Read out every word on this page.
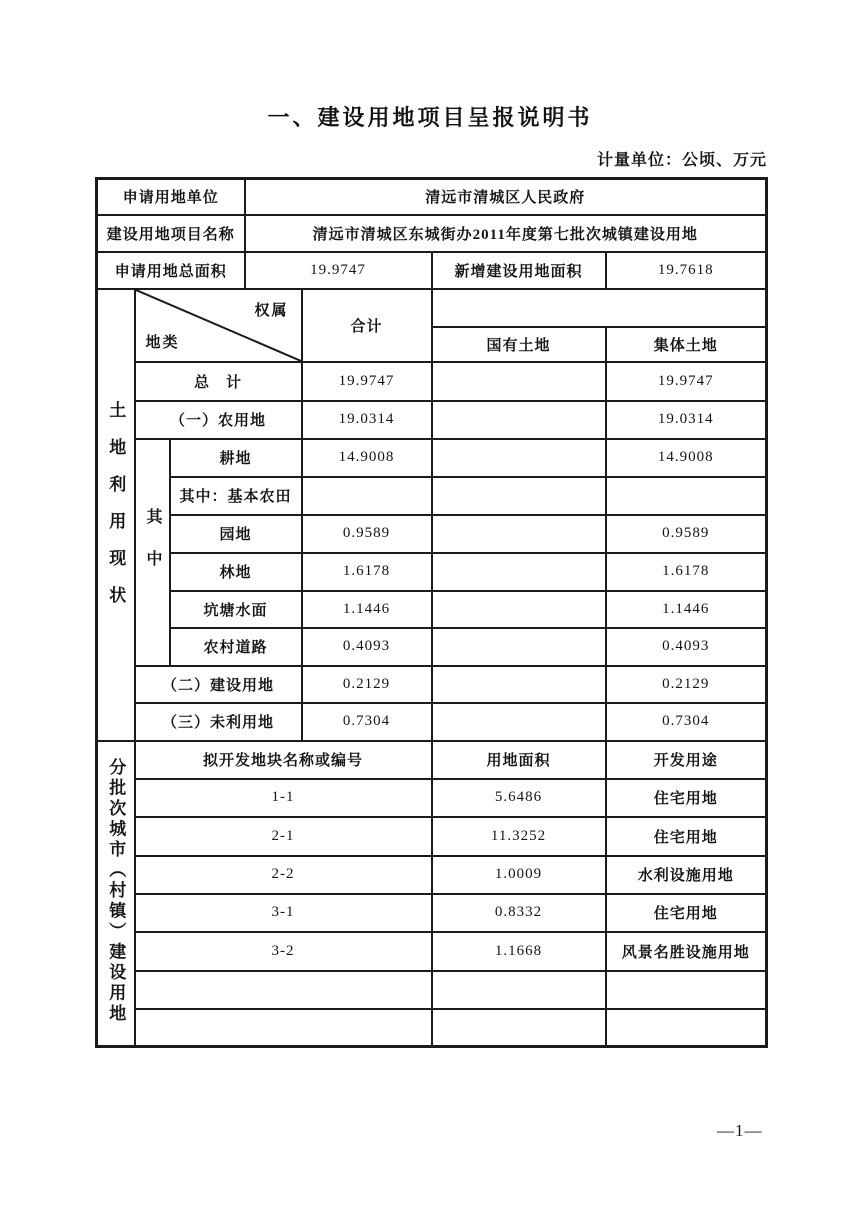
一、建设用地项目呈报说明书
计量单位：公顷、万元
申请用地单位			清远市清城区人民政府			
建设用地项目名称			清远市清城区东城街办2011年度第七批次城镇建设用地			
申请用地总面积			19.9747		新增建设用地面积	19.7618
土地利用现状	权属
地类			合计		
					国有土地	集体土地
	总　计			19.9747		19.9747
	（一）农用地			19.0314		19.0314
	其中	耕地		14.9008		14.9008
		其中：基本农田				
		园地		0.9589		0.9589
		林地		1.6178		1.6178
		坑塘水面		1.1446		1.1446
		农村道路		0.4093		0.4093
	（二）建设用地			0.2129		0.2129
	（三）未利用地			0.7304		0.7304
分批次城市（村镇）建设用地	拟开发地块名称或编号				用地面积	开发用途
	1-1				5.6486	住宅用地
	2-1				11.3252	住宅用地
	2-2				1.0009	水利设施用地
	3-1				0.8332	住宅用地
	3-2				1.1668	风景名胜设施用地

—1—
